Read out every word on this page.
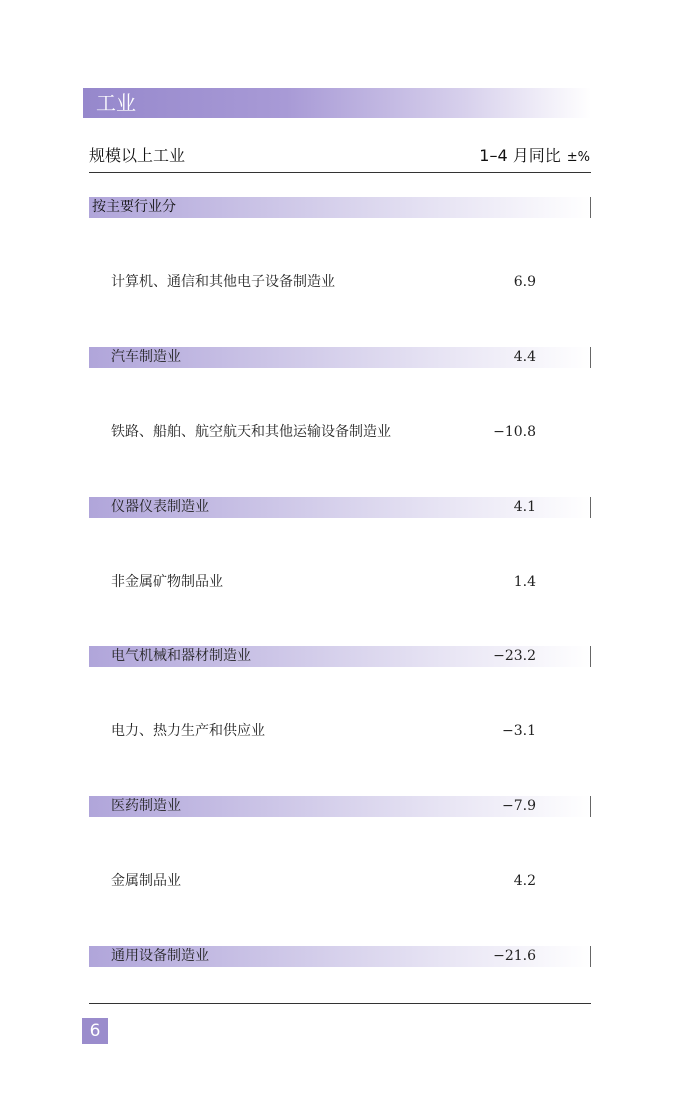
工业
规模以上工业	1–4 月同比 ±%
按主要行业分
计算机、通信和其他电子设备制造业	6.9
汽车制造业	4.4
铁路、船舶、航空航天和其他运输设备制造业	−10.8
仪器仪表制造业	4.1
非金属矿物制品业	1.4
电气机械和器材制造业	−23.2
电力、热力生产和供应业	−3.1
医药制造业	−7.9
金属制品业	4.2
通用设备制造业	−21.6
6
